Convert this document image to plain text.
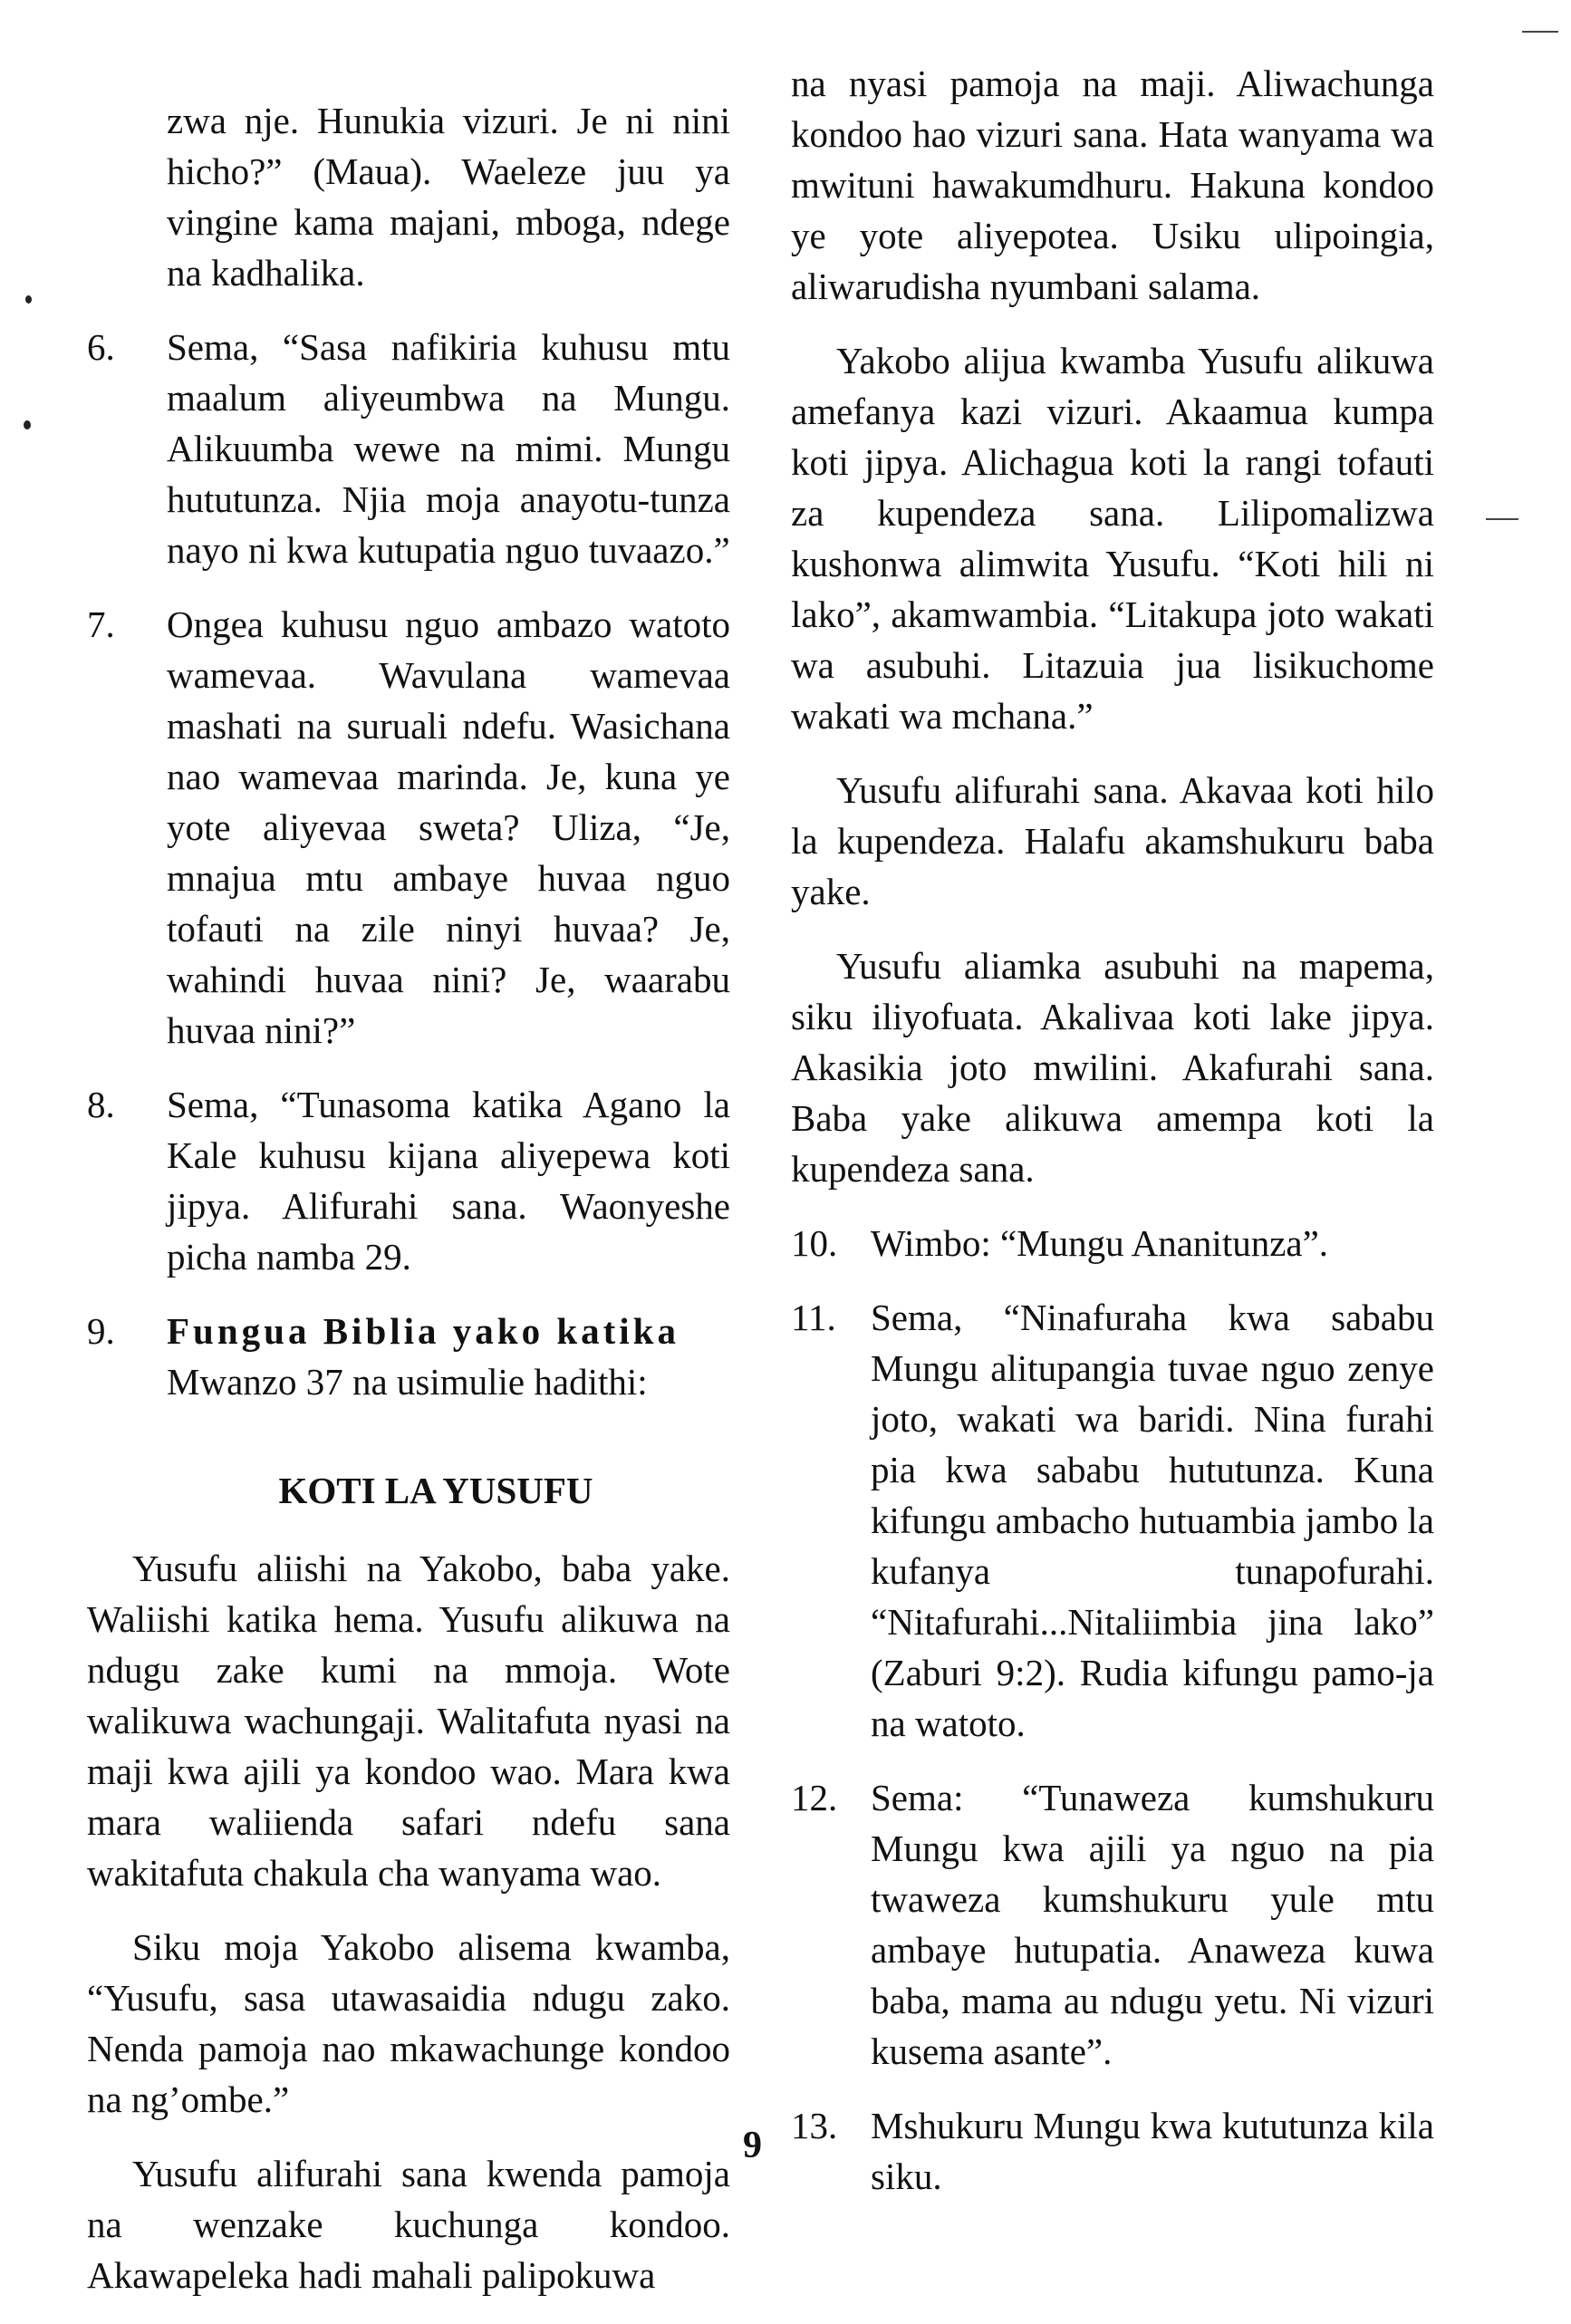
zwa nje. Hunukia vizuri. Je ni nini hicho?” (Maua). Waeleze juu ya vingine kama majani, mboga, ndege na kadhalika.

6.	Sema, “Sasa nafikiria kuhusu mtu maalum aliyeumbwa na Mungu. Alikuumba wewe na mimi. Mungu hututunza. Njia moja anayotu-tunza nayo ni kwa kutupatia nguo tuvaazo.”
7.	Ongea kuhusu nguo ambazo watoto wamevaa. Wavulana wamevaa mashati na suruali ndefu. Wasichana nao wamevaa marinda. Je, kuna ye yote aliyevaa sweta? Uliza, “Je, mnajua mtu ambaye huvaa nguo tofauti na zile ninyi huvaa? Je, wahindi huvaa nini? Je, waarabu huvaa nini?”
8.	Sema, “Tunasoma katika Agano la Kale kuhusu kijana aliyepewa koti jipya. Alifurahi sana. Waonyeshe picha namba 29.
9.	Fungua Biblia yako katika
Mwanzo 37 na usimulie hadithi:
KOTI LA YUSUFU

Yusufu aliishi na Yakobo, baba yake. Waliishi katika hema. Yusufu alikuwa na ndugu zake kumi na mmoja. Wote walikuwa wachungaji. Walitafuta nyasi na maji kwa ajili ya kondoo wao. Mara kwa mara waliienda safari ndefu sana wakitafuta chakula cha wanyama wao.

Siku moja Yakobo alisema kwamba, “Yusufu, sasa utawasaidia ndugu zako. Nenda pamoja nao mkawachunge kondoo na ng’ombe.”

Yusufu alifurahi sana kwenda pamoja na wenzake kuchunga kondoo. Akawapeleka hadi mahali palipokuwa

na nyasi pamoja na maji. Aliwachunga kondoo hao vizuri sana. Hata wanyama wa mwituni hawakumdhuru. Hakuna kondoo ye yote aliyepotea. Usiku ulipoingia, aliwarudisha nyumbani salama.

Yakobo alijua kwamba Yusufu alikuwa amefanya kazi vizuri. Akaamua kumpa koti jipya. Alichagua koti la rangi tofauti za kupendeza sana. Lilipomalizwa kushonwa alimwita Yusufu. “Koti hili ni lako”, akamwambia. “Litakupa joto wakati wa asubuhi. Litazuia jua lisikuchome wakati wa mchana.”

Yusufu alifurahi sana. Akavaa koti hilo la kupendeza. Halafu akamshukuru baba yake.

Yusufu aliamka asubuhi na mapema, siku iliyofuata. Akalivaa koti lake jipya. Akasikia joto mwilini. Akafurahi sana. Baba yake alikuwa amempa koti la kupendeza sana.

10. Wimbo: “Mungu Ananitunza”.
11. Sema, “Ninafuraha kwa sababu Mungu alitupangia tuvae nguo zenye joto, wakati wa baridi. Nina furahi pia kwa sababu hututunza. Kuna kifungu ambacho hutuambia jambo la kufanya tunapofurahi. “Nitafurahi...Nitaliimbia jina lako” (Zaburi 9:2). Rudia kifungu pamo-ja na watoto.
12. Sema: “Tunaweza kumshukuru Mungu kwa ajili ya nguo na pia twaweza kumshukuru yule mtu ambaye hutupatia. Anaweza kuwa baba, mama au ndugu yetu. Ni vizuri kusema asante”.
13. Mshukuru Mungu kwa kututunza kila siku.
9
